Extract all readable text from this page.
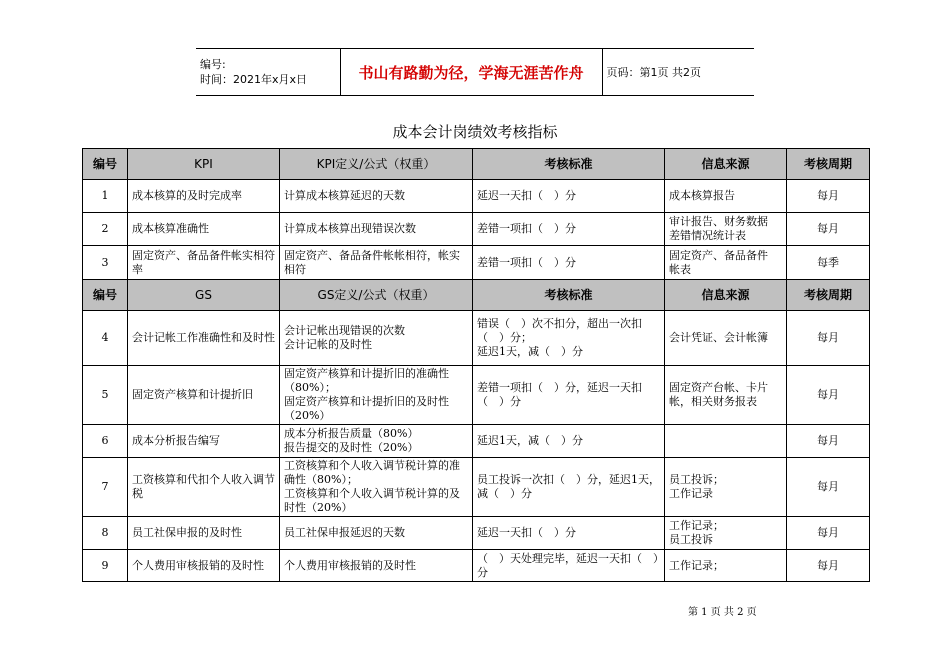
编号:
时间：2021年x月x日	书山有路勤为径，学海无涯苦作舟	页码：第1页 共2页
成本会计岗绩效考核指标
编号	KPI	KPI定义/公式（权重）	考核标准	信息来源	考核周期
1	成本核算的及时完成率	计算成本核算延迟的天数	延迟一天扣（　）分	成本核算报告	每月
2	成本核算准确性	计算成本核算出现错误次数	差错一项扣（　）分	审计报告、财务数据
差错情况统计表	每月
3	固定资产、备品备件帐实相符率	固定资产、备品备件帐帐相符，帐实相符	差错一项扣（　）分	固定资产、备品备件
帐表	每季
编号	GS	GS定义/公式（权重）	考核标准	信息来源	考核周期
4	会计记帐工作准确性和及时性	会计记帐出现错误的次数
会计记帐的及时性	错误（　）次不扣分，超出一次扣（　）分；
延迟1天，减（　）分	会计凭证、会计帐簿	每月
5	固定资产核算和计提折旧	固定资产核算和计提折旧的准确性（80%）；
固定资产核算和计提折旧的及时性（20%）	差错一项扣（　）分，延迟一天扣（　）分	固定资产台帐、卡片帐，相关财务报表	每月
6	成本分析报告编写	成本分析报告质量（80%）
报告提交的及时性（20%）	延迟1天，减（　）分		每月
7	工资核算和代扣个人收入调节税	工资核算和个人收入调节税计算的准确性（80%）；
工资核算和个人收入调节税计算的及时性（20%）	员工投诉一次扣（　）分，延迟1天，减（　）分	员工投诉；
工作记录	每月
8	员工社保申报的及时性	员工社保申报延迟的天数	延迟一天扣（　）分	工作记录；
员工投诉	每月
9	个人费用审核报销的及时性	个人费用审核报销的及时性	（　）天处理完毕，延迟一天扣（　）分	工作记录；	每月
第 1 页 共 2 页
